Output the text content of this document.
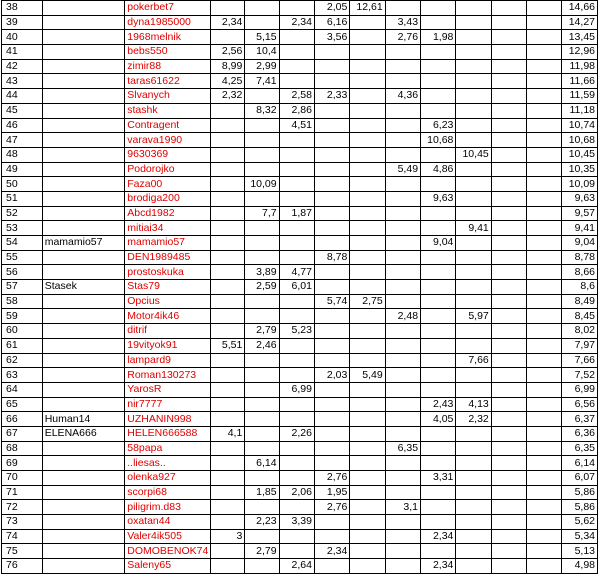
38		pokerbet7				2,05	12,61						14,66
39		dyna1985000	2,34		2,34	6,16		3,43					14,27
40		1968melnik		5,15		3,56		2,76	1,98				13,45
41		bebs550	2,56	10,4									12,96
42		zimir88	8,99	2,99									11,98
43		taras61622	4,25	7,41									11,66
44		Slvanych	2,32		2,58	2,33		4,36					11,59
45		stashk		8,32	2,86								11,18
46		Contragent			4,51				6,23				10,74
47		varava1990							10,68				10,68
48		9630369								10,45			10,45
49		Podorojko						5,49	4,86				10,35
50		Faza00		10,09									10,09
51		brodiga200							9,63				9,63
52		Abcd1982		7,7	1,87								9,57
53		mitiai34								9,41			9,41
54	mamamio57	mamamio57							9,04				9,04
55		DEN1989485				8,78							8,78
56		prostoskuka		3,89	4,77								8,66
57	Stasek	Stas79		2,59	6,01								8,6
58		Opcius				5,74	2,75						8,49
59		Motor4ik46						2,48		5,97			8,45
60		ditrif		2,79	5,23								8,02
61		19vityok91	5,51	2,46									7,97
62		lampard9								7,66			7,66
63		Roman130273				2,03	5,49						7,52
64		YarosR			6,99								6,99
65		nir7777							2,43	4,13			6,56
66	Human14	UZHANIN998							4,05	2,32			6,37
67	ELENA666	HELEN666588	4,1		2,26								6,36
68		58papa						6,35					6,35
69		..liesas..		6,14									6,14
70		olenka927				2,76			3,31				6,07
71		scorpi68		1,85	2,06	1,95							5,86
72		piligrim.d83				2,76		3,1					5,86
73		oxatan44		2,23	3,39								5,62
74		Valer4ik505	3						2,34				5,34
75		DOMOBENOK74		2,79		2,34							5,13
76		Saleny65			2,64				2,34				4,98
